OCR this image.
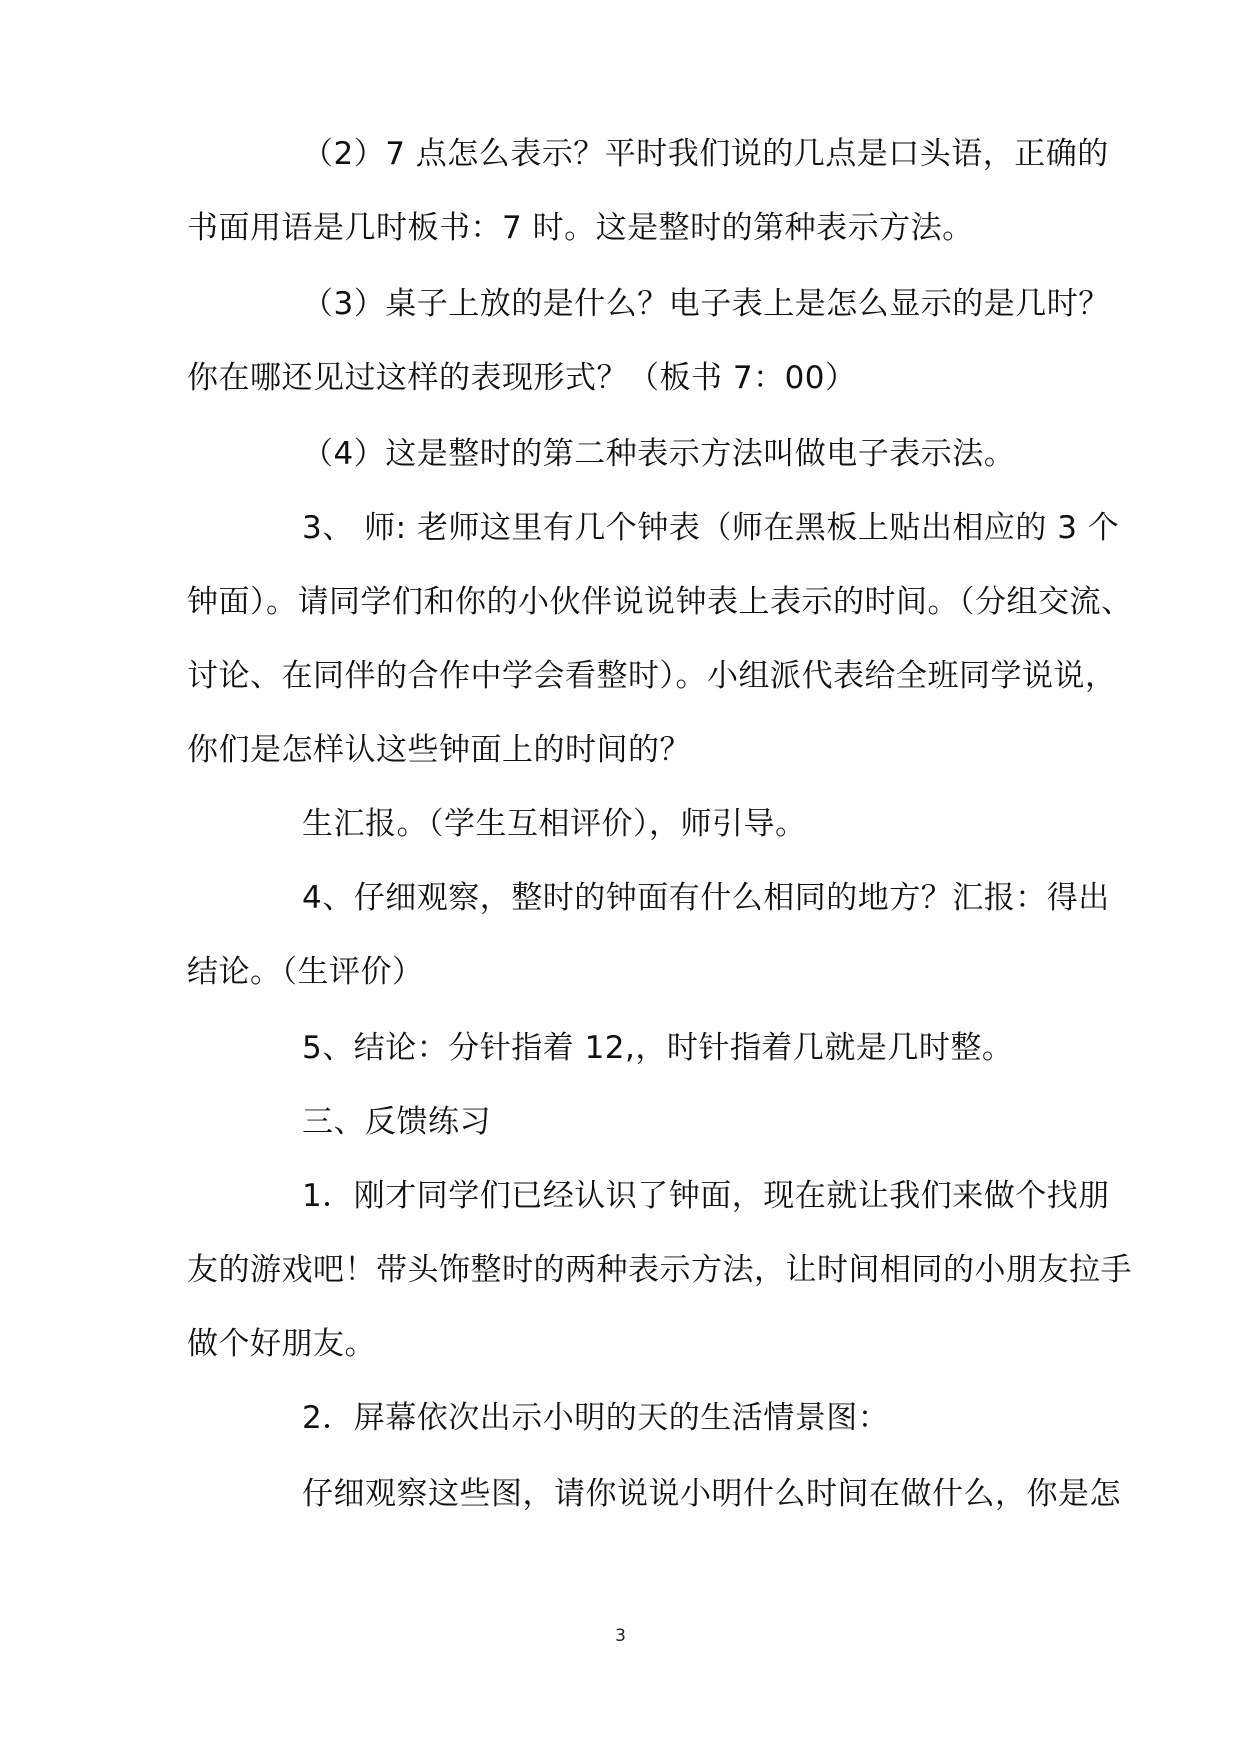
（2）7 点怎么表示？平时我们说的几点是口头语，正确的
书面用语是几时板书：7 时。这是整时的第种表示方法。
（3）桌子上放的是什么？电子表上是怎么显示的是几时？
你在哪还见过这样的表现形式？（板书 7：00）
（4）这是整时的第二种表示方法叫做电子表示法。
3、 师: 老师这里有几个钟表（师在黑板上贴出相应的 3 个
钟面）。请同学们和你的小伙伴说说钟表上表示的时间。（分组交流、
讨论、在同伴的合作中学会看整时）。小组派代表给全班同学说说，
你们是怎样认这些钟面上的时间的？
生汇报。（学生互相评价），师引导。
4、仔细观察，整时的钟面有什么相同的地方？汇报：得出
结论。（生评价）
5、结论：分针指着 12,，时针指着几就是几时整。
三、反馈练习
1．刚才同学们已经认识了钟面，现在就让我们来做个找朋
友的游戏吧！带头饰整时的两种表示方法，让时间相同的小朋友拉手
做个好朋友。
2．屏幕依次出示小明的天的生活情景图：
仔细观察这些图，请你说说小明什么时间在做什么，你是怎
3
